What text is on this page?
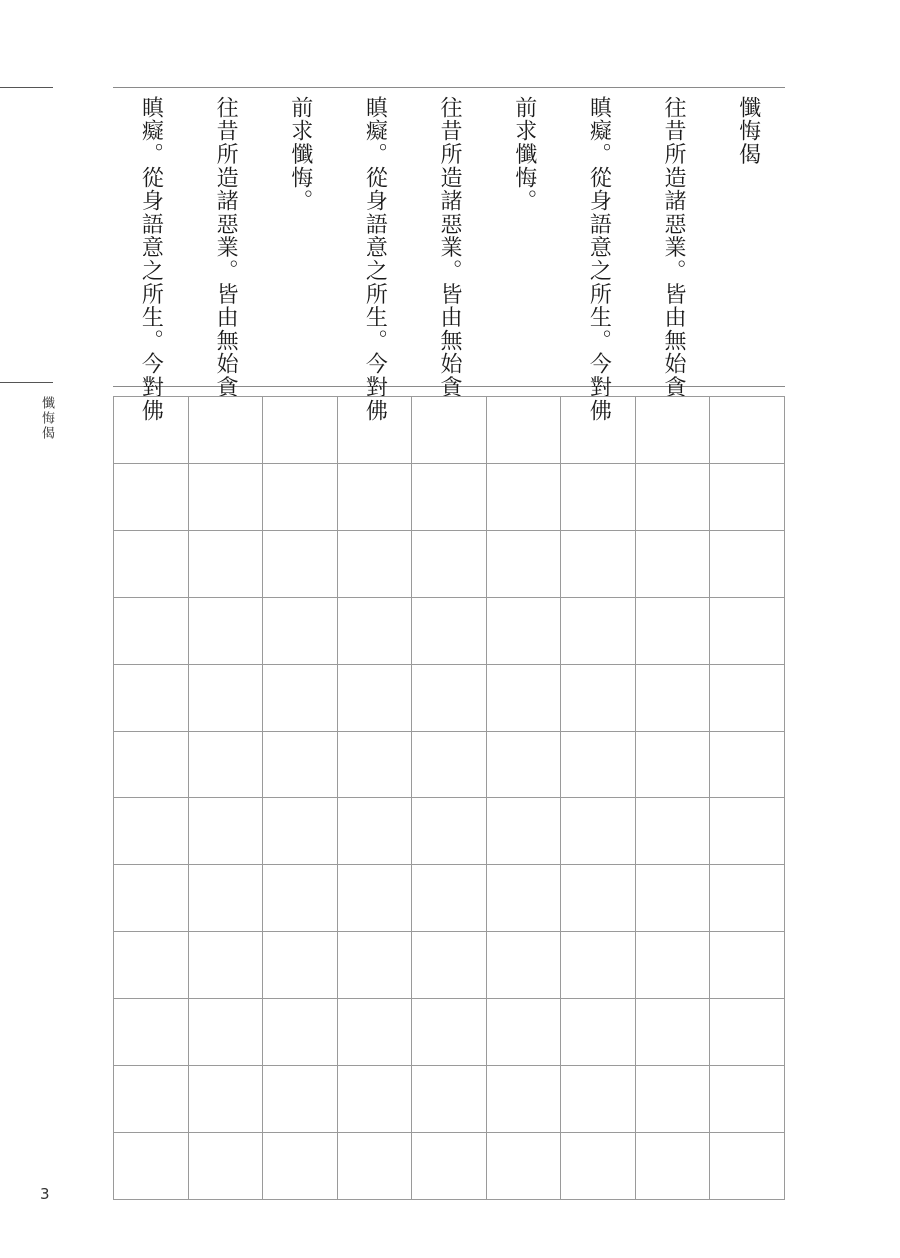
懺悔偈
3
懺悔偈
往昔所造諸惡業。皆由無始貪
瞋癡。從身語意之所生。今對佛
前求懺悔。
往昔所造諸惡業。皆由無始貪
瞋癡。從身語意之所生。今對佛
前求懺悔。
往昔所造諸惡業。皆由無始貪
瞋癡。從身語意之所生。今對佛
